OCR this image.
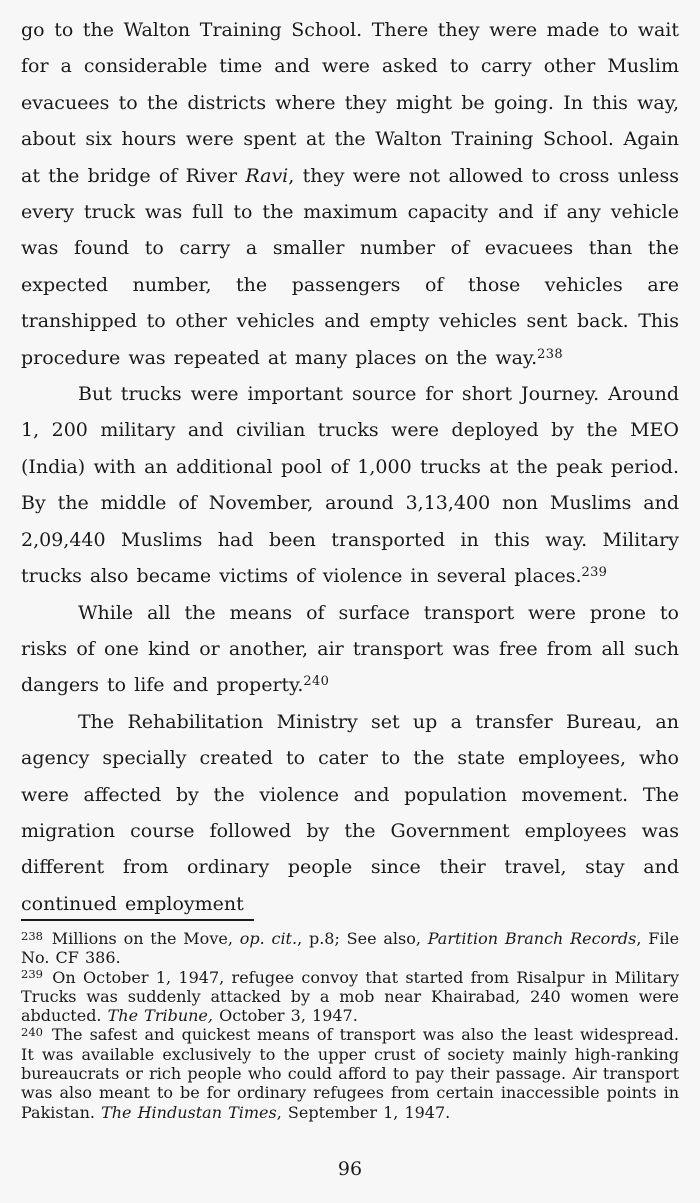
go to the Walton Training School. There they were made to wait for a considerable time and were asked to carry other Muslim evacuees to the districts where they might be going. In this way, about six hours were spent at the Walton Training School. Again at the bridge of River Ravi, they were not allowed to cross unless every truck was full to the maximum capacity and if any vehicle was found to carry a smaller number of evacuees than the expected number, the passengers of those vehicles are transhipped to other vehicles and empty vehicles sent back. This procedure was repeated at many places on the way.$^{238}$

But trucks were important source for short Journey. Around 1, 200 military and civilian trucks were deployed by the MEO (India) with an additional pool of 1,000 trucks at the peak period. By the middle of November, around 3,13,400 non Muslims and 2,09,440 Muslims had been transported in this way. Military trucks also became victims of violence in several places.$^{239}$

While all the means of surface transport were prone to risks of one kind or another, air transport was free from all such dangers to life and property.$^{240}$

The Rehabilitation Ministry set up a transfer Bureau, an agency specially created to cater to the state employees, who were affected by the violence and population movement. The migration course followed by the Government employees was different from ordinary people since their travel, stay and continued employment

$^{238}$ Millions on the Move, op. cit., p.8; See also, Partition Branch Records, File No. CF 386.
$^{239}$ On October 1, 1947, refugee convoy that started from Risalpur in Military Trucks was suddenly attacked by a mob near Khairabad, 240 women were abducted. The Tribune, October 3, 1947.
$^{240}$ The safest and quickest means of transport was also the least widespread. It was available exclusively to the upper crust of society mainly high-ranking bureaucrats or rich people who could afford to pay their passage. Air transport was also meant to be for ordinary refugees from certain inaccessible points in Pakistan. The Hindustan Times, September 1, 1947.
96
